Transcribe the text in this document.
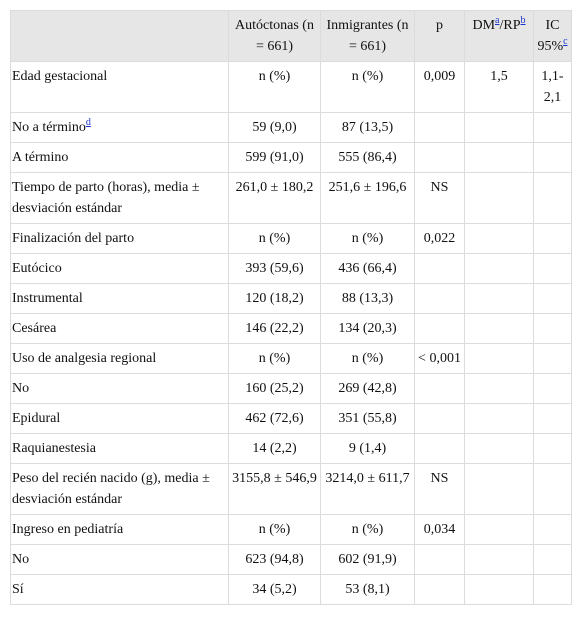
	Autóctonas (n = 661)	Inmigrantes (n = 661)	p	DM$^a$/RP$^b$	IC 95%$^c$
Edad gestacional	n (%)	n (%)	0,009	1,5	1,1-2,1
No a término$^d$	59 (9,0)	87 (13,5)			
A término	599 (91,0)	555 (86,4)			
Tiempo de parto (horas), media ± desviación estándar	261,0 ± 180,2	251,6 ± 196,6	NS		
Finalización del parto	n (%)	n (%)	0,022		
Eutócico	393 (59,6)	436 (66,4)			
Instrumental	120 (18,2)	88 (13,3)			
Cesárea	146 (22,2)	134 (20,3)			
Uso de analgesia regional	n (%)	n (%)	< 0,001		
No	160 (25,2)	269 (42,8)			
Epidural	462 (72,6)	351 (55,8)			
Raquianestesia	14 (2,2)	9 (1,4)			
Peso del recién nacido (g), media ± desviación estándar	3155,8 ± 546,9	3214,0 ± 611,7	NS		
Ingreso en pediatría	n (%)	n (%)	0,034		
No	623 (94,8)	602 (91,9)			
Sí	34 (5,2)	53 (8,1)			
